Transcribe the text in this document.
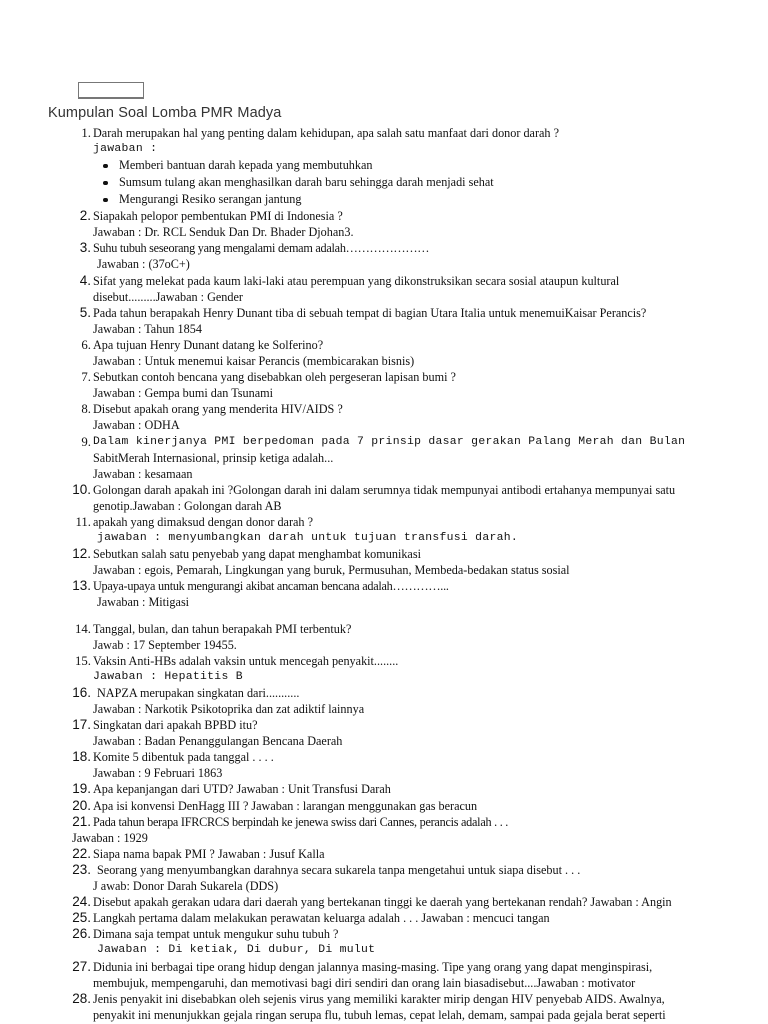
Kumpulan Soal Lomba PMR Madya
1. Darah merupakan hal yang penting dalam kehidupan, apa salah satu manfaat dari donor darah ?
jawaban :
Memberi bantuan darah kepada yang membutuhkan
Sumsum tulang akan menghasilkan darah baru sehingga darah menjadi sehat
Mengurangi Resiko serangan jantung
2. Siapakah pelopor pembentukan PMI di Indonesia ?
Jawaban : Dr. RCL Senduk Dan Dr. Bhader Djohan3.
3. Suhu tubuh seseorang yang mengalami demam adalah…………………
Jawaban : (37oC+)
4. Sifat yang melekat pada kaum laki-laki atau perempuan yang dikonstruksikan secara sosial ataupun kultural
disebut.........Jawaban : Gender
5. Pada tahun berapakah Henry Dunant tiba di sebuah tempat di bagian Utara Italia untuk menemuiKaisar Perancis?
Jawaban : Tahun 1854
6. Apa tujuan Henry Dunant datang ke Solferino?
Jawaban : Untuk menemui kaisar Perancis (membicarakan bisnis)
7. Sebutkan contoh bencana yang disebabkan oleh pergeseran lapisan bumi ?
Jawaban : Gempa bumi dan Tsunami
8. Disebut apakah orang yang menderita HIV/AIDS ?
Jawaban : ODHA
9. Dalam kinerjanya PMI berpedoman pada 7 prinsip dasar gerakan Palang Merah dan Bulan
SabitMerah Internasional, prinsip ketiga adalah...
Jawaban : kesamaan
10. Golongan darah apakah ini ?Golongan darah ini dalam serumnya tidak mempunyai antibodi ertahanya mempunyai satu
genotip.Jawaban : Golongan darah AB
11. apakah yang dimaksud dengan donor darah ?
jawaban : menyumbangkan darah untuk tujuan transfusi darah.
12. Sebutkan salah satu penyebab yang dapat menghambat komunikasi
Jawaban : egois, Pemarah, Lingkungan yang buruk, Permusuhan, Membeda-bedakan status sosial
13. Upaya-upaya untuk mengurangi akibat ancaman bencana adalah…………...
Jawaban : Mitigasi
14. Tanggal, bulan, dan tahun berapakah PMI terbentuk?
Jawab : 17 September 19455.
15. Vaksin Anti-HBs adalah vaksin untuk mencegah penyakit........
Jawaban : Hepatitis B
16. NAPZA merupakan singkatan dari...........
Jawaban : Narkotik Psikotoprika dan zat adiktif lainnya
17. Singkatan dari apakah BPBD itu?
Jawaban : Badan Penanggulangan Bencana Daerah
18. Komite 5 dibentuk pada tanggal . . . .
Jawaban : 9 Februari 1863
19. Apa kepanjangan dari UTD? Jawaban : Unit Transfusi Darah
20. Apa isi konvensi DenHagg III ? Jawaban : larangan menggunakan gas beracun
21. Pada tahun berapa IFRCRCS berpindah ke jenewa swiss dari Cannes, perancis adalah . . .
Jawaban : 1929
22. Siapa nama bapak PMI ? Jawaban : Jusuf Kalla
23. Seorang yang menyumbangkan darahnya secara sukarela tanpa mengetahui untuk siapa disebut . . .
J awab: Donor Darah Sukarela (DDS)
24. Disebut apakah gerakan udara dari daerah yang bertekanan tinggi ke daerah yang bertekanan rendah? Jawaban : Angin
25. Langkah pertama dalam melakukan perawatan keluarga adalah . . . Jawaban : mencuci tangan
26. Dimana saja tempat untuk mengukur suhu tubuh ?
Jawaban : Di ketiak, Di dubur, Di mulut
27. Didunia ini berbagai tipe orang hidup dengan jalannya masing-masing. Tipe yang orang yang dapat menginspirasi,
membujuk, mempengaruhi, dan memotivasi bagi diri sendiri dan orang lain biasadisebut....Jawaban : motivator
28. Jenis penyakit ini disebabkan oleh sejenis virus yang memiliki karakter mirip dengan HIV penyebab AIDS. Awalnya,
penyakit ini menunjukkan gejala ringan serupa flu, tubuh lemas, cepat lelah, demam, sampai pada gejala berat seperti
